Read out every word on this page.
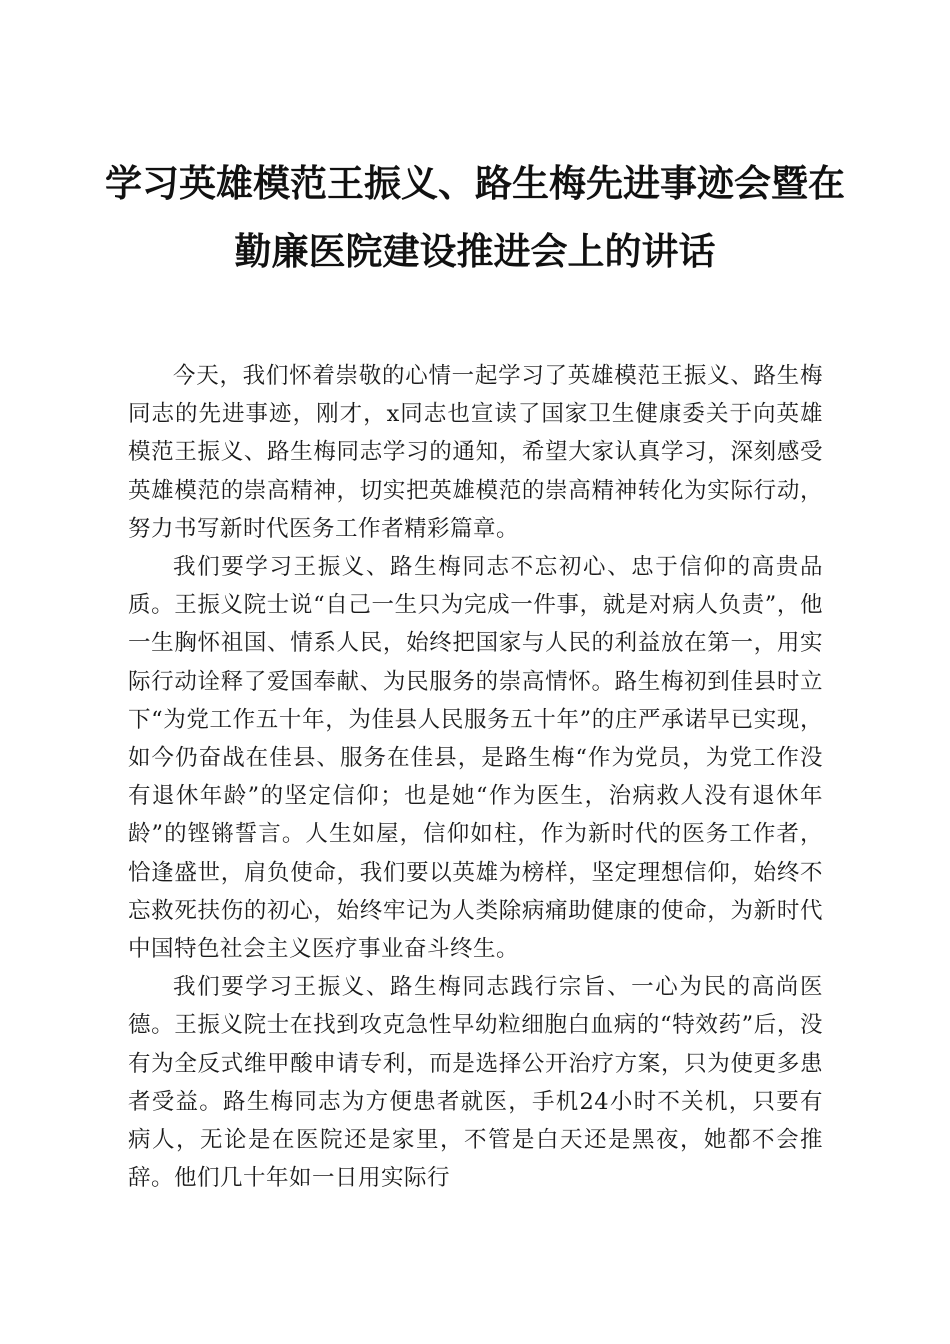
学习英雄模范王振义、路生梅先进事迹会暨在
勤廉医院建设推进会上的讲话

今天，我们怀着崇敬的心情一起学习了英雄模范王振义、路生梅同志的先进事迹，刚才，x同志也宣读了国家卫生健康委关于向英雄模范王振义、路生梅同志学习的通知，希望大家认真学习，深刻感受英雄模范的崇高精神，切实把英雄模范的崇高精神转化为实际行动，努力书写新时代医务工作者精彩篇章。

我们要学习王振义、路生梅同志不忘初心、忠于信仰的高贵品质。王振义院士说“自己一生只为完成一件事，就是对病人负责”，他一生胸怀祖国、情系人民，始终把国家与人民的利益放在第一，用实际行动诠释了爱国奉献、为民服务的崇高情怀。路生梅初到佳县时立下“为党工作五十年，为佳县人民服务五十年”的庄严承诺早已实现，如今仍奋战在佳县、服务在佳县，是路生梅“作为党员，为党工作没有退休年龄”的坚定信仰；也是她“作为医生，治病救人没有退休年龄”的铿锵誓言。人生如屋，信仰如柱，作为新时代的医务工作者，恰逢盛世，肩负使命，我们要以英雄为榜样，坚定理想信仰，始终不忘救死扶伤的初心，始终牢记为人类除病痛助健康的使命，为新时代中国特色社会主义医疗事业奋斗终生。

我们要学习王振义、路生梅同志践行宗旨、一心为民的高尚医德。王振义院士在找到攻克急性早幼粒细胞白血病的“特效药”后，没有为全反式维甲酸申请专利，而是选择公开治疗方案，只为使更多患者受益。路生梅同志为方便患者就医，手机24小时不关机，只要有病人，无论是在医院还是家里，不管是白天还是黑夜，她都不会推辞。他们几十年如一日用实际行
